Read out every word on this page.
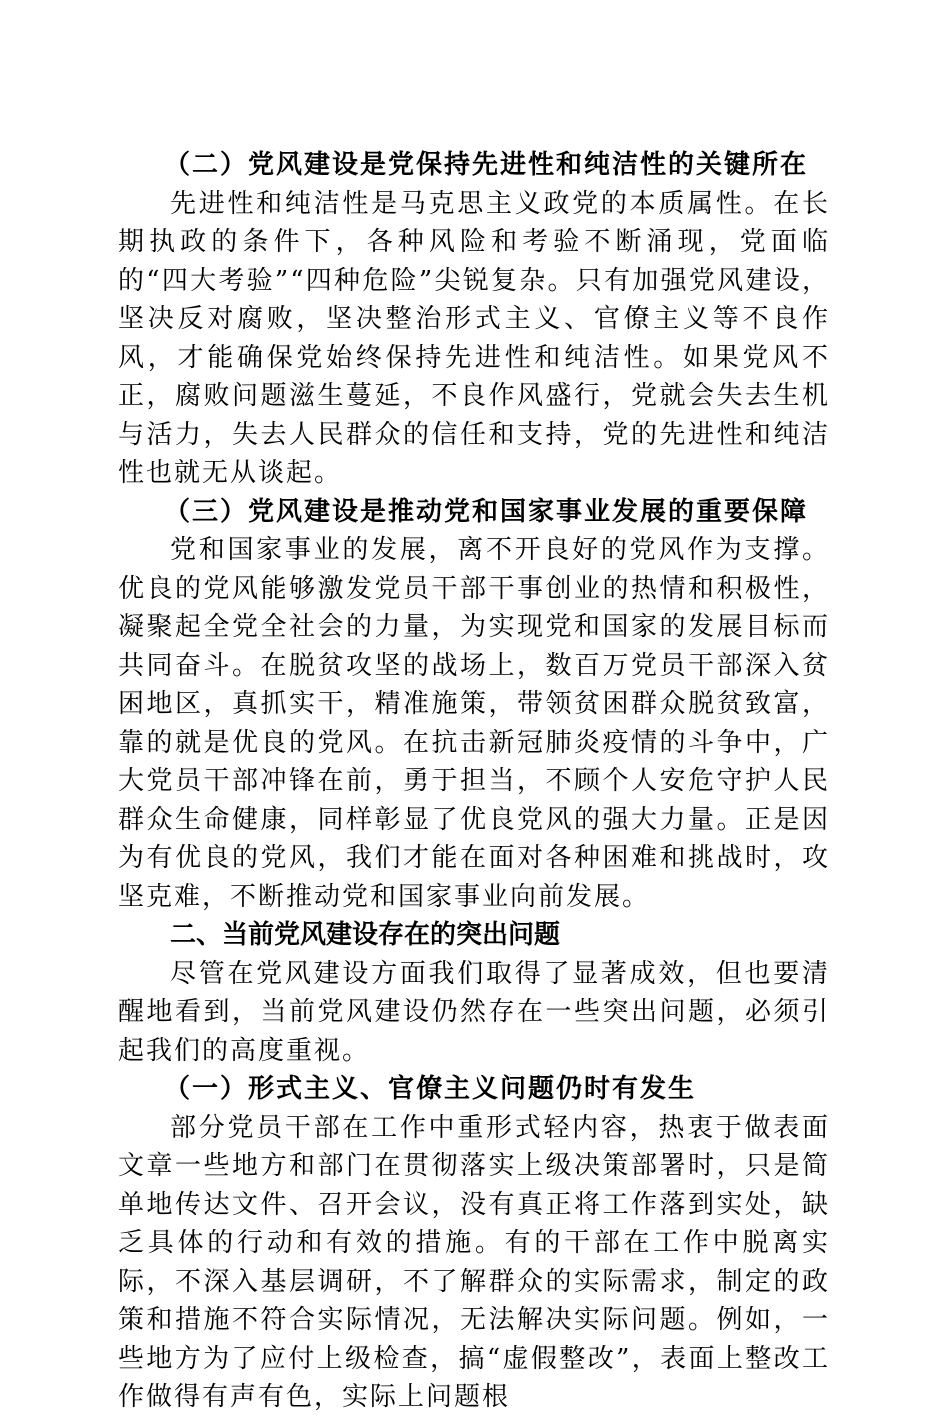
（二）党风建设是党保持先进性和纯洁性的关键所在

先进性和纯洁性是马克思主义政党的本质属性。在长期执政的条件下，各种风险和考验不断涌现，党面临的“四大考验”“四种危险”尖锐复杂。只有加强党风建设，坚决反对腐败，坚决整治形式主义、官僚主义等不良作风，才能确保党始终保持先进性和纯洁性。如果党风不正，腐败问题滋生蔓延，不良作风盛行，党就会失去生机与活力，失去人民群众的信任和支持，党的先进性和纯洁性也就无从谈起。

（三）党风建设是推动党和国家事业发展的重要保障

党和国家事业的发展，离不开良好的党风作为支撑。优良的党风能够激发党员干部干事创业的热情和积极性，凝聚起全党全社会的力量，为实现党和国家的发展目标而共同奋斗。在脱贫攻坚的战场上，数百万党员干部深入贫困地区，真抓实干，精准施策，带领贫困群众脱贫致富，靠的就是优良的党风。在抗击新冠肺炎疫情的斗争中，广大党员干部冲锋在前，勇于担当，不顾个人安危守护人民群众生命健康，同样彰显了优良党风的强大力量。正是因为有优良的党风，我们才能在面对各种困难和挑战时，攻坚克难，不断推动党和国家事业向前发展。

二、当前党风建设存在的突出问题

尽管在党风建设方面我们取得了显著成效，但也要清醒地看到，当前党风建设仍然存在一些突出问题，必须引起我们的高度重视。

（一）形式主义、官僚主义问题仍时有发生

部分党员干部在工作中重形式轻内容，热衷于做表面文章一些地方和部门在贯彻落实上级决策部署时，只是简单地传达文件、召开会议，没有真正将工作落到实处，缺乏具体的行动和有效的措施。有的干部在工作中脱离实际，不深入基层调研，不了解群众的实际需求，制定的政策和措施不符合实际情况，无法解决实际问题。例如，一些地方为了应付上级检查，搞“虚假整改”，表面上整改工作做得有声有色，实际上问题根
